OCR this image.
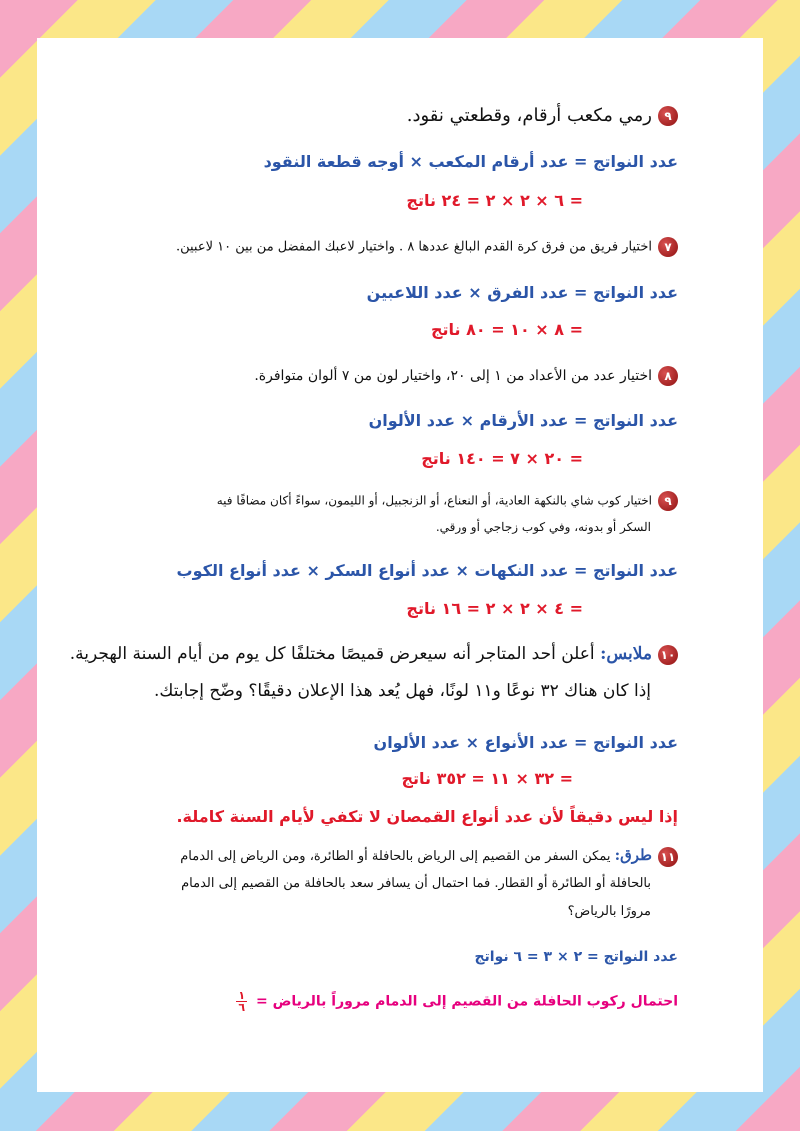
٩رمي مكعب أرقام، وقطعتي نقود.
عدد النواتج = عدد أرقام المكعب × أوجه قطعة النقود
= ٦ × ٢ × ٢ = ٢٤ ناتج
٧اختيار فريق من فرق كرة القدم البالغ عددها ٨ . واختيار لاعبك المفضل من بين ١٠ لاعبين.
عدد النواتج = عدد الفرق × عدد اللاعبين
= ٨ × ١٠ = ٨٠ ناتج
٨اختيار عدد من الأعداد من ١ إلى ٢٠، واختيار لون من ٧ ألوان متوافرة.
عدد النواتج = عدد الأرقام × عدد الألوان
= ٢٠ × ٧ = ١٤٠ ناتج
٩اختيار كوب شاي بالنكهة العادية، أو النعناع، أو الزنجبيل، أو الليمون، سواءً أكان مضافًا فيه
السكر أو بدونه، وفي كوب زجاجي أو ورقي.
عدد النواتج = عدد النكهات × عدد أنواع السكر × عدد أنواع الكوب
= ٤ × ٢ × ٢ = ١٦ ناتج
١٠ملابس: أعلن أحد المتاجر أنه سيعرض قميصًا مختلفًا كل يوم من أيام السنة الهجرية.
إذا كان هناك ٣٢ نوعًا و١١ لونًا، فهل يُعد هذا الإعلان دقيقًا؟ وضّح إجابتك.
عدد النواتج = عدد الأنواع × عدد الألوان
= ٣٢ × ١١ = ٣٥٢ ناتج
إذا ليس دقيقاً لأن عدد أنواع القمصان لا تكفي لأيام السنة كاملة.
١١طرق: يمكن السفر من القصيم إلى الرياض بالحافلة أو الطائرة، ومن الرياض إلى الدمام
بالحافلة أو الطائرة أو القطار. فما احتمال أن يسافر سعد بالحافلة من القصيم إلى الدمام
مرورًا بالرياض؟
عدد النواتج = ٢ × ٣ = ٦ نواتج
احتمال ركوب الحافلة من القصيم إلى الدمام مروراً بالرياض =
$\frac{١}{٦}$
